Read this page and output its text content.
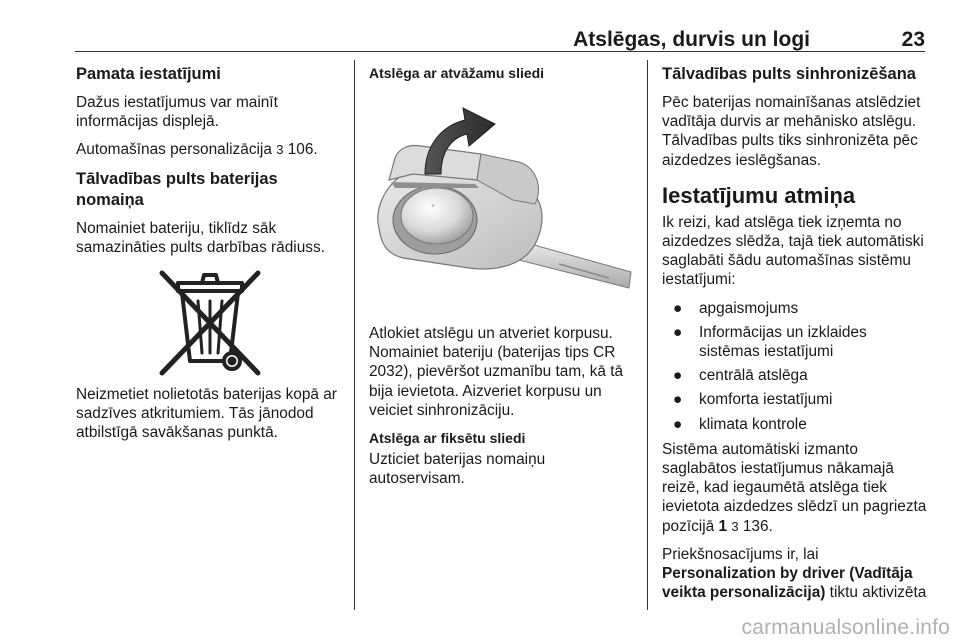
Atslēgas, durvis un logi	23
Pamata iestatījumi

Dažus iestatījumus var mainīt informācijas displejā.

Automašīnas personalizācija 3 106.

Tālvadības pults baterijas nomaiņa

Nomainiet bateriju, tiklīdz sāk samazināties pults darbības rādiuss.

Neizmetiet nolietotās baterijas kopā ar sadzīves atkritumiem. Tās jānodod atbilstīgā savākšanas punktā.

Atslēga ar atvāžamu sliedi
+

Atlokiet atslēgu un atveriet korpusu. Nomainiet bateriju (baterijas tips CR 2032), pievēršot uzmanību tam, kā tā bija ievietota. Aizveriet korpusu un veiciet sinhronizāciju.

Atslēga ar fiksētu sliedi

Uzticiet baterijas nomaiņu autoservisam.

Tālvadības pults sinhronizēšana

Pēc baterijas nomainīšanas atslēdziet vadītāja durvis ar mehānisko atslēgu. Tālvadības pults tiks sinhronizēta pēc aizdedzes ieslēgšanas.

Iestatījumu atmiņa

Ik reizi, kad atslēga tiek izņemta no aizdedzes slēdža, tajā tiek automātiski saglabāti šādu automašīnas sistēmu iestatījumi:

● apgaismojums
● Informācijas un izklaides sistēmas iestatījumi
● centrālā atslēga
● komforta iestatījumi
● klimata kontrole

Sistēma automātiski izmanto saglabātos iestatījumus nākamajā reizē, kad iegaumētā atslēga tiek ievietota aizdedzes slēdzī un pagriezta pozīcijā 1 3 136.

Priekšnosacījums ir, lai
Personalization by driver (Vadītāja veikta personalizācija) tiktu aktivizēta

carmanualsonline.info
